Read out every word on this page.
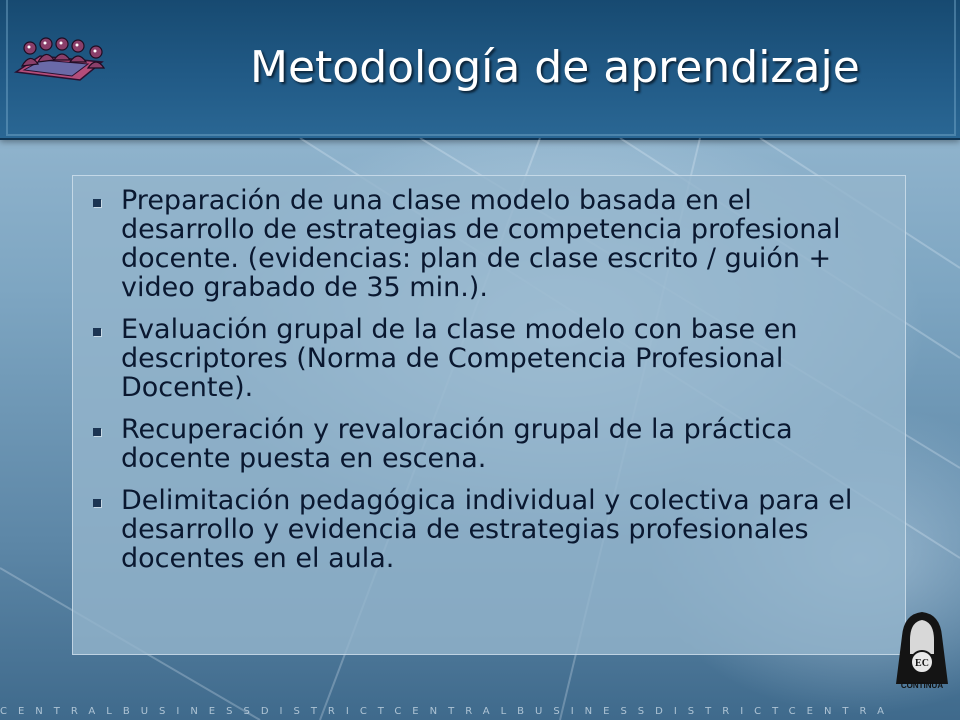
Metodología de aprendizaje
Preparación de una clase modelo basada en el desarrollo de estrategias de competencia profesional docente. (evidencias: plan de clase escrito / guión + video grabado de 35 min.).
Evaluación grupal de la clase modelo con base en descriptores (Norma de Competencia Profesional Docente).
Recuperación y revaloración grupal de la práctica docente puesta en escena.
Delimitación pedagógica individual y colectiva para el desarrollo y evidencia de estrategias profesionales docentes en el aula.
EC
CONTINUA
CENTRALBUSINESSDISTRICTCENTRALBUSINESSDISTRICTCENTRA
